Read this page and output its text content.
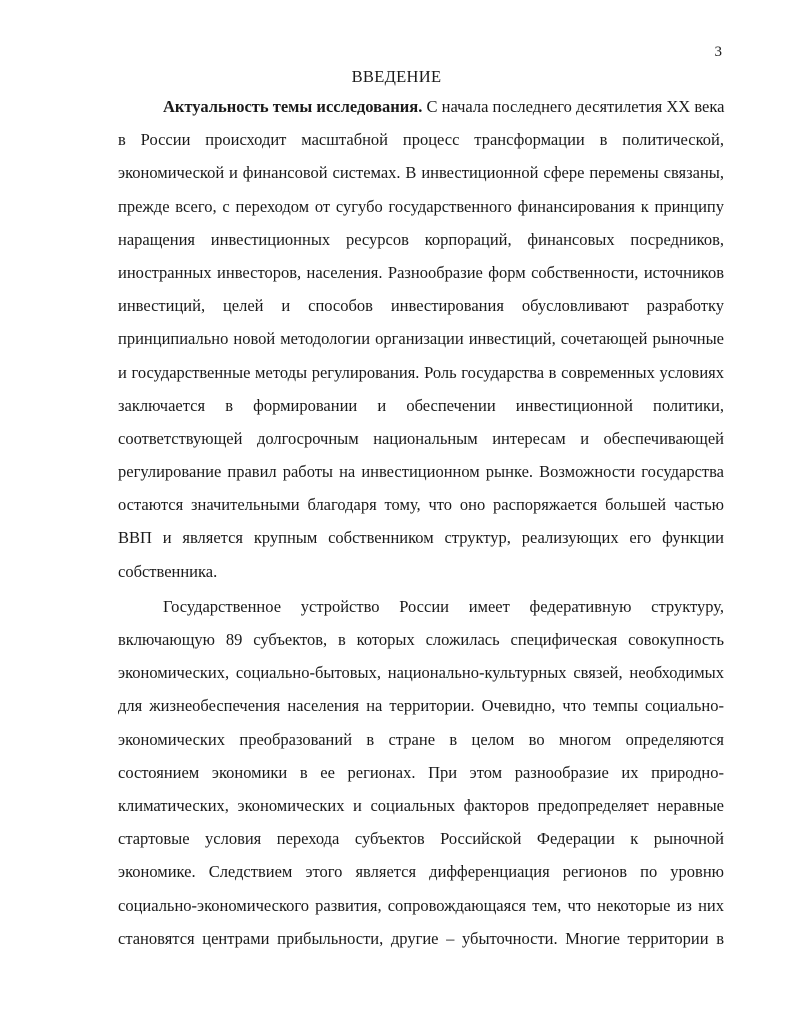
3
ВВЕДЕНИЕ
Актуальность темы исследования. С начала последнего десятилетия XX века
в России происходит масштабной процесс трансформации в политической,
экономической и финансовой системах. В инвестиционной сфере перемены связаны,
прежде всего, с переходом от сугубо государственного финансирования к принципу
наращения инвестиционных ресурсов корпораций, финансовых посредников,
иностранных инвесторов, населения. Разнообразие форм собственности, источников
инвестиций, целей и способов инвестирования обусловливают разработку
принципиально новой методологии организации инвестиций, сочетающей рыночные
и государственные методы регулирования. Роль государства в современных условиях
заключается в формировании и обеспечении инвестиционной политики,
соответствующей долгосрочным национальным интересам и обеспечивающей
регулирование правил работы на инвестиционном рынке. Возможности государства
остаются значительными благодаря тому, что оно распоряжается большей частью
ВВП и является крупным собственником структур, реализующих его функции
собственника.
Государственное устройство России имеет федеративную структуру,
включающую 89 субъектов, в которых сложилась специфическая совокупность
экономических, социально-бытовых, национально-культурных связей, необходимых
для жизнеобеспечения населения на территории. Очевидно, что темпы социально-
экономических преобразований в стране в целом во многом определяются
состоянием экономики в ее регионах. При этом разнообразие их природно-
климатических, экономических и социальных факторов предопределяет неравные
стартовые условия перехода субъектов Российской Федерации к рыночной
экономике. Следствием этого является дифференциация регионов по уровню
социально-экономического развития, сопровождающаяся тем, что некоторые из них
становятся центрами прибыльности, другие – убыточности. Многие территории в
